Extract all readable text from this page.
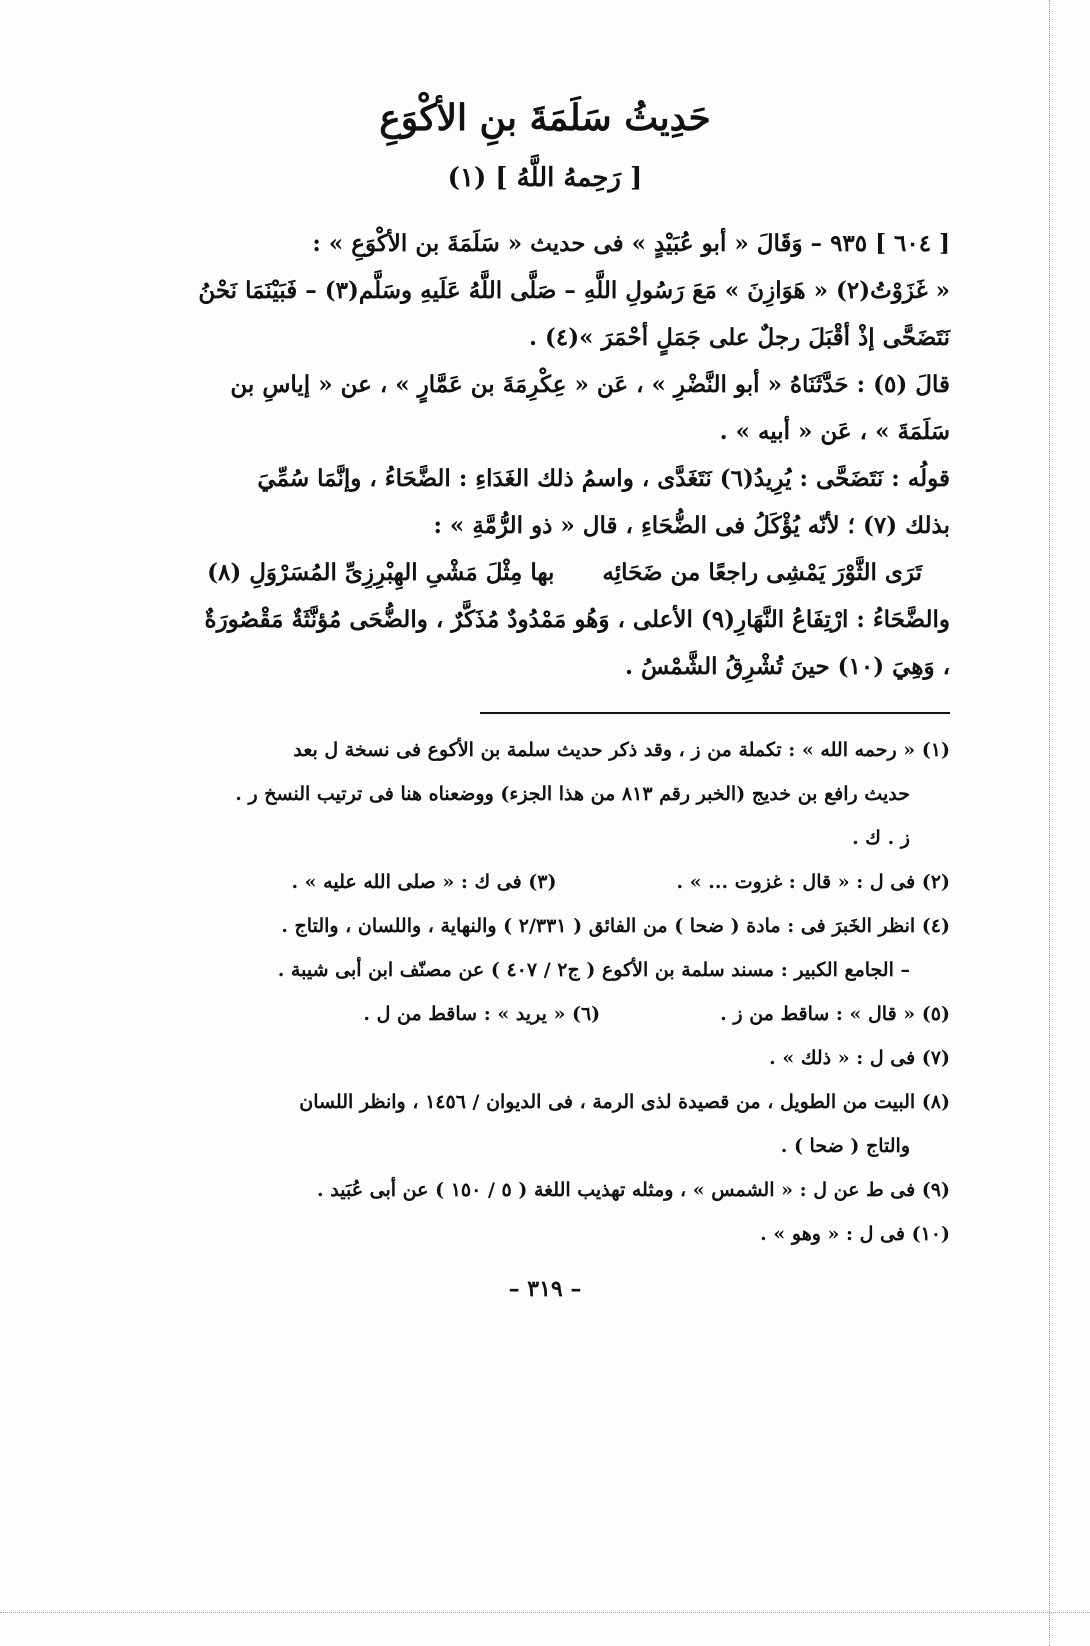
حَدِيثُ سَلَمَةَ بنِ الأكْوَعِ
[ رَحِمهُ اللَّهُ ] (١)

[ ٦٠٤ ] ٩٣٥ – وَقَالَ « أبو عُبَيْدٍ » فى حديث « سَلَمَةَ بن الأكْوَعِ » :

« غَزَوْتُ(٢) « هَوَازِنَ » مَعَ رَسُولِ اللَّهِ – صَلَّى اللَّهُ عَلَيهِ وسَلَّم(٣) – فَبَيْنَمَا نَحْنُ

نَتَضَحَّى إذْ أقْبَلَ رجلٌ على جَمَلٍ أحْمَرَ »(٤) .

قالَ (٥) : حَدَّثَنَاهُ « أبو النَّضْرِ » ، عَن « عِكْرِمَةَ بن عَمَّارٍ » ، عن « إياسِ بن

سَلَمَةَ » ، عَن « أبيه » .

قولُه : نَتَضَحَّى : يُرِيدُ(٦) نَتَغَدَّى ، واسمُ ذلك الغَدَاءِ : الضَّحَاءُ ، وإنَّمَا سُمِّيَ

بذلك (٧) ؛ لأنّه يُؤْكَلُ فى الضُّحَاءِ ، قال « ذو الرُّمَّةِ » :

تَرَى الثَّوْرَ يَمْشِى راجعًا من ضَحَائِهبها مِثْلَ مَشْىِ الهِبْرِزِىِّ المُسَرْوَلِ (٨)

والضَّحَاءُ : ارْتِفَاعُ النَّهَارِ(٩) الأعلى ، وَهُو مَمْدُودٌ مُذَكَّرٌ ، والضُّحَى مُؤنَّثَةٌ مَقْصُورَةٌ

، وَهِيَ (١٠) حينَ تُشْرِقُ الشَّمْسُ .

(١) « رحمه الله » : تكملة من ز ، وقد ذكر حديث سلمة بن الأكوع فى نسخة ل بعد

حديث رافع بن خديج (الخبر رقم ٨١٣ من هذا الجزء) ووضعناه هنا فى ترتيب النسخ ر .

ز . ك .

(٢) فى ل : « قال : غزوت ... » .(٣) فى ك : « صلى الله عليه » .

(٤) انظر الخَبرَ فى : مادة ( ضحا ) من الفائق ( ٢/٣٣١ ) والنهاية ، واللسان ، والتاج .

– الجامع الكبير : مسند سلمة بن الأكوع ( ج٢ / ٤٠٧ ) عن مصنّف ابن أبى شيبة .

(٥) « قال » : ساقط من ز .(٦) « يريد » : ساقط من ل .

(٧) فى ل : « ذلك » .

(٨) البيت من الطويل ، من قصيدة لذى الرمة ، فى الديوان / ١٤٥٦ ، وانظر اللسان

والتاج ( ضحا ) .

(٩) فى ط عن ل : « الشمس » ، ومثله تهذيب اللغة ( ٥ / ١٥٠ ) عن أبى عُبَيد .

(١٠) فى ل : « وهو » .

– ٣١٩ –
